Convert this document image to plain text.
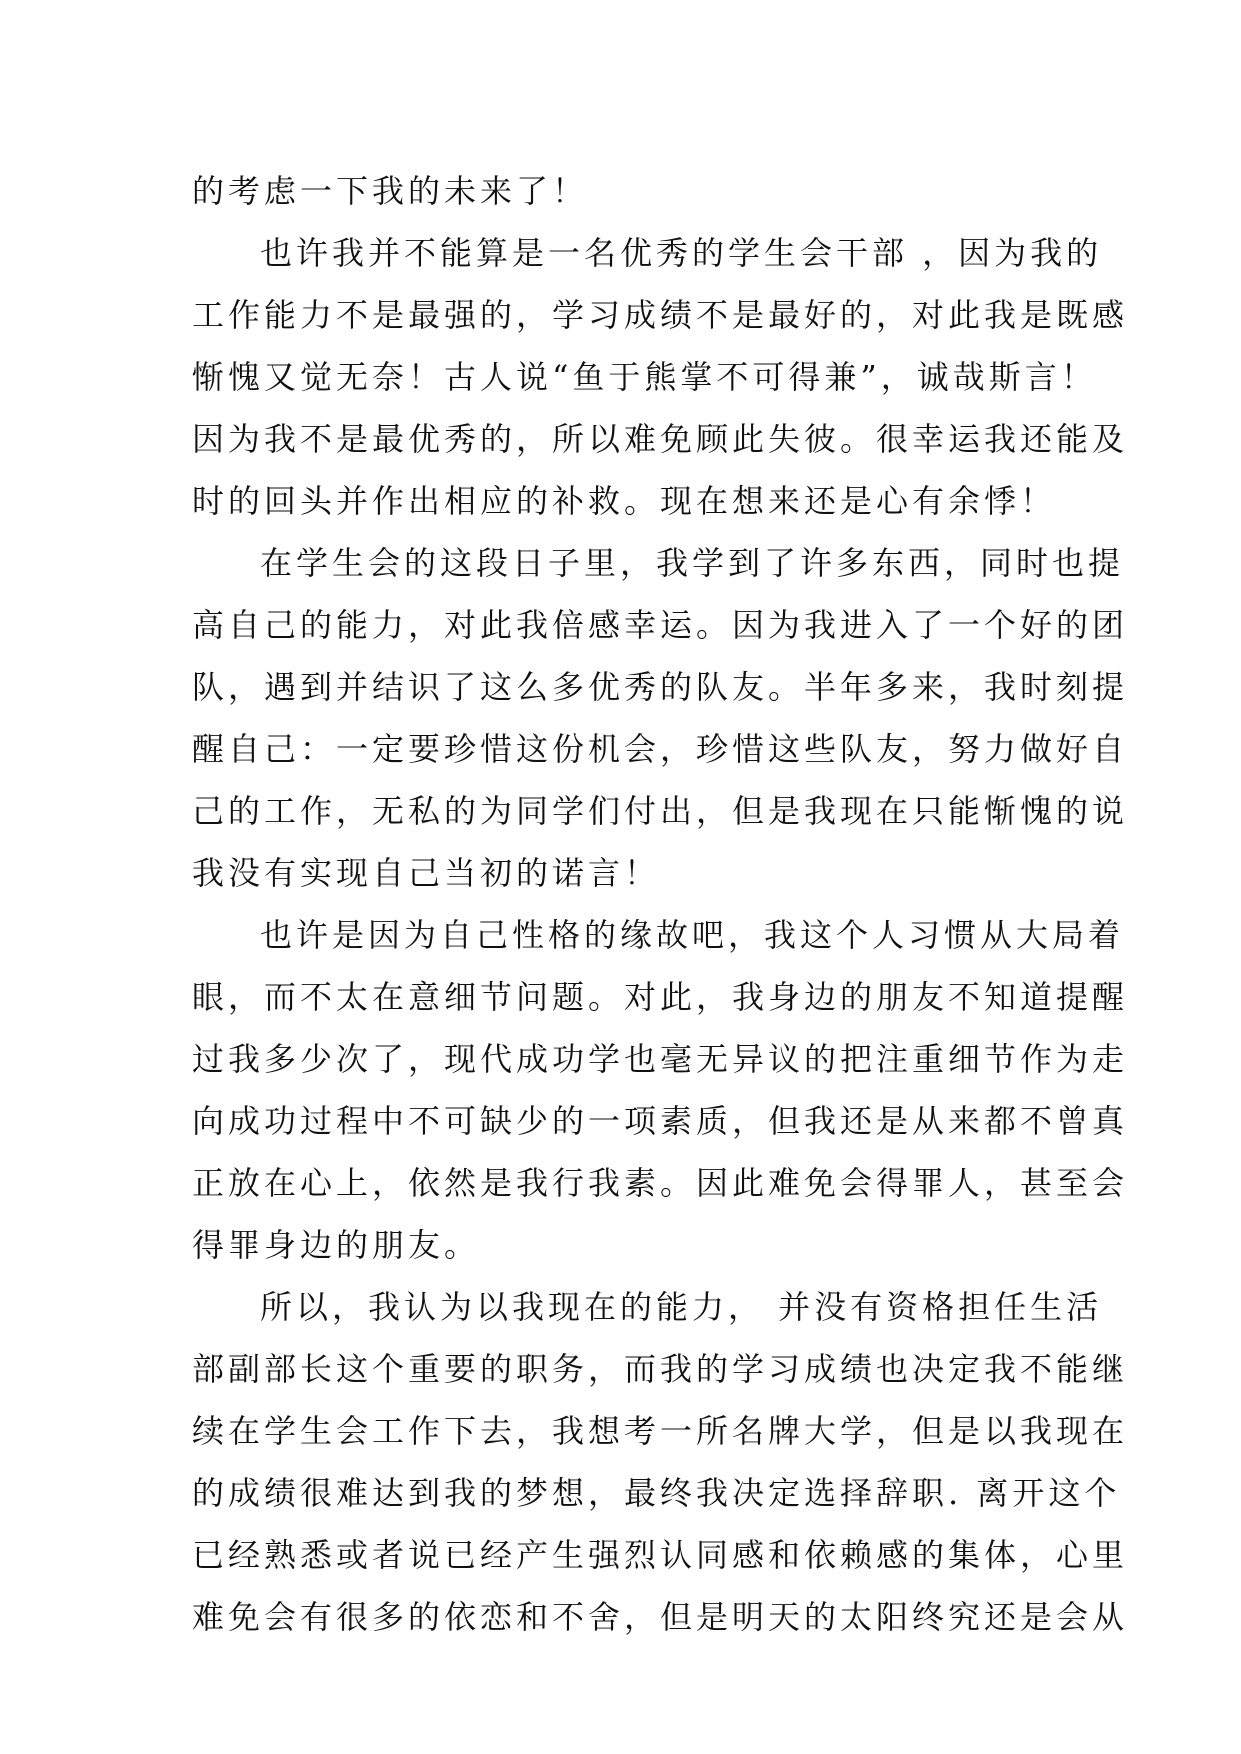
的考虑一下我的未来了！
也许我并不能算是一名优秀的学生会干部 ，因为我的
工作能力不是最强的，学习成绩不是最好的，对此我是既感
惭愧又觉无奈！古人说“鱼于熊掌不可得兼”，诚哉斯言！
因为我不是最优秀的，所以难免顾此失彼。很幸运我还能及
时的回头并作出相应的补救。现在想来还是心有余悸！
在学生会的这段日子里，我学到了许多东西，同时也提
高自己的能力，对此我倍感幸运。因为我进入了一个好的团
队，遇到并结识了这么多优秀的队友。半年多来，我时刻提
醒自己：一定要珍惜这份机会，珍惜这些队友，努力做好自
己的工作，无私的为同学们付出，但是我现在只能惭愧的说
我没有实现自己当初的诺言！
也许是因为自己性格的缘故吧，我这个人习惯从大局着
眼，而不太在意细节问题。对此，我身边的朋友不知道提醒
过我多少次了，现代成功学也毫无异议的把注重细节作为走
向成功过程中不可缺少的一项素质，但我还是从来都不曾真
正放在心上，依然是我行我素。因此难免会得罪人，甚至会
得罪身边的朋友。
所以，我认为以我现在的能力， 并没有资格担任生活
部副部长这个重要的职务，而我的学习成绩也决定我不能继
续在学生会工作下去，我想考一所名牌大学，但是以我现在
的成绩很难达到我的梦想，最终我决定选择辞职. 离开这个
已经熟悉或者说已经产生强烈认同感和依赖感的集体，心里
难免会有很多的依恋和不舍，但是明天的太阳终究还是会从
